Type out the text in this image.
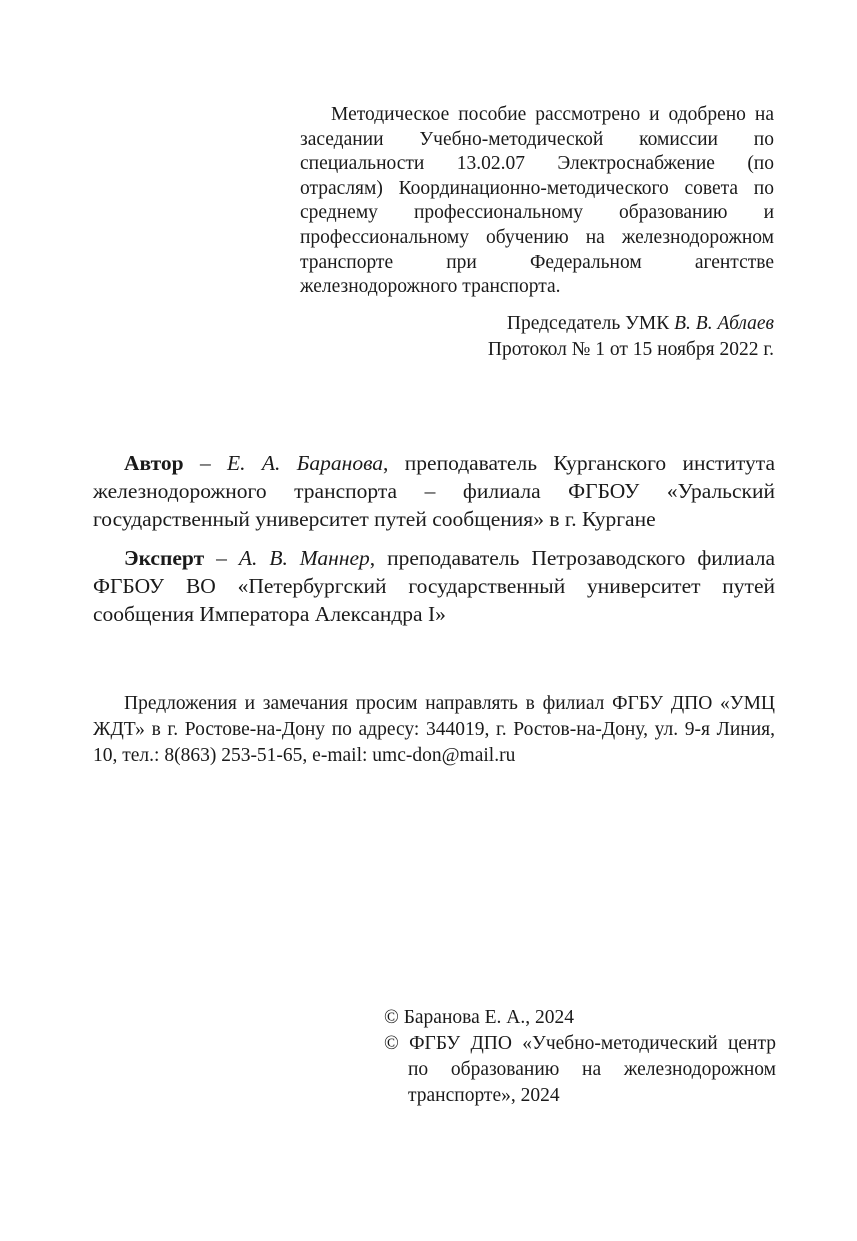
Методическое пособие рассмотрено и одобрено на заседании Учебно-методической комиссии по специальности 13.02.07 Электроснабжение (по отраслям) Координационно-методического совета по среднему профессиональному образованию и профессиональному обучению на железнодорожном транспорте при Федеральном агентстве железнодорожного транспорта.

Председатель УМК В. В. Аблаев
Протокол № 1 от 15 ноября 2022 г.

Автор – Е. А. Баранова, преподаватель Курганского института железнодорожного транспорта – филиала ФГБОУ «Уральский государственный университет путей сообщения» в г. Кургане

Эксперт – А. В. Маннер, преподаватель Петрозаводского филиала ФГБОУ ВО «Петербургский государственный университет путей сообщения Императора Александра I»

Предложения и замечания просим направлять в филиал ФГБУ ДПО «УМЦ ЖДТ» в г. Ростове-на-Дону по адресу: 344019, г. Ростов-на-Дону, ул. 9-я Линия, 10, тел.: 8(863) 253-51-65, e-mail: umc-don@mail.ru

© Баранова Е. А., 2024
© ФГБУ ДПО «Учебно-методический центр по образованию на железнодорожном транспорте», 2024
